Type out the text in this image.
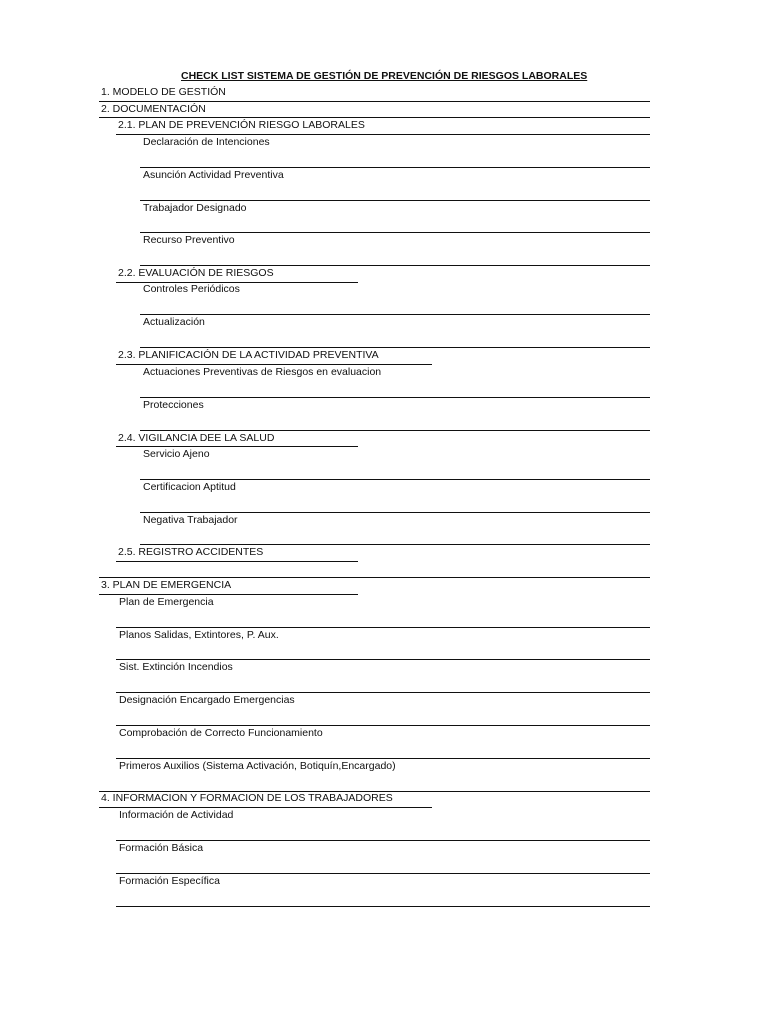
CHECK LIST SISTEMA DE GESTIÓN DE PREVENCIÓN DE RIESGOS LABORALES
1. MODELO DE GESTIÓN
2. DOCUMENTACIÓN
2.1. PLAN DE PREVENCIÓN RIESGO LABORALES
Declaración de Intenciones
Asunción Actividad Preventiva
Trabajador Designado
Recurso Preventivo
2.2. EVALUACIÓN DE RIESGOS
Controles Periódicos
Actualización
2.3. PLANIFICACIÓN DE LA ACTIVIDAD PREVENTIVA
Actuaciones Preventivas de Riesgos en evaluacion
Protecciones
2.4. VIGILANCIA DEE LA SALUD
Servicio Ajeno
Certificacion Aptitud
Negativa Trabajador
2.5. REGISTRO ACCIDENTES
3. PLAN DE EMERGENCIA
Plan de Emergencia
Planos Salidas, Extintores, P. Aux.
Sist. Extinción Incendios
Designación Encargado Emergencias
Comprobación de Correcto Funcionamiento
Primeros Auxilios (Sistema Activación, Botiquín,Encargado)
4. INFORMACION Y FORMACION DE LOS TRABAJADORES
Información de Actividad
Formación Básica
Formación Específica
